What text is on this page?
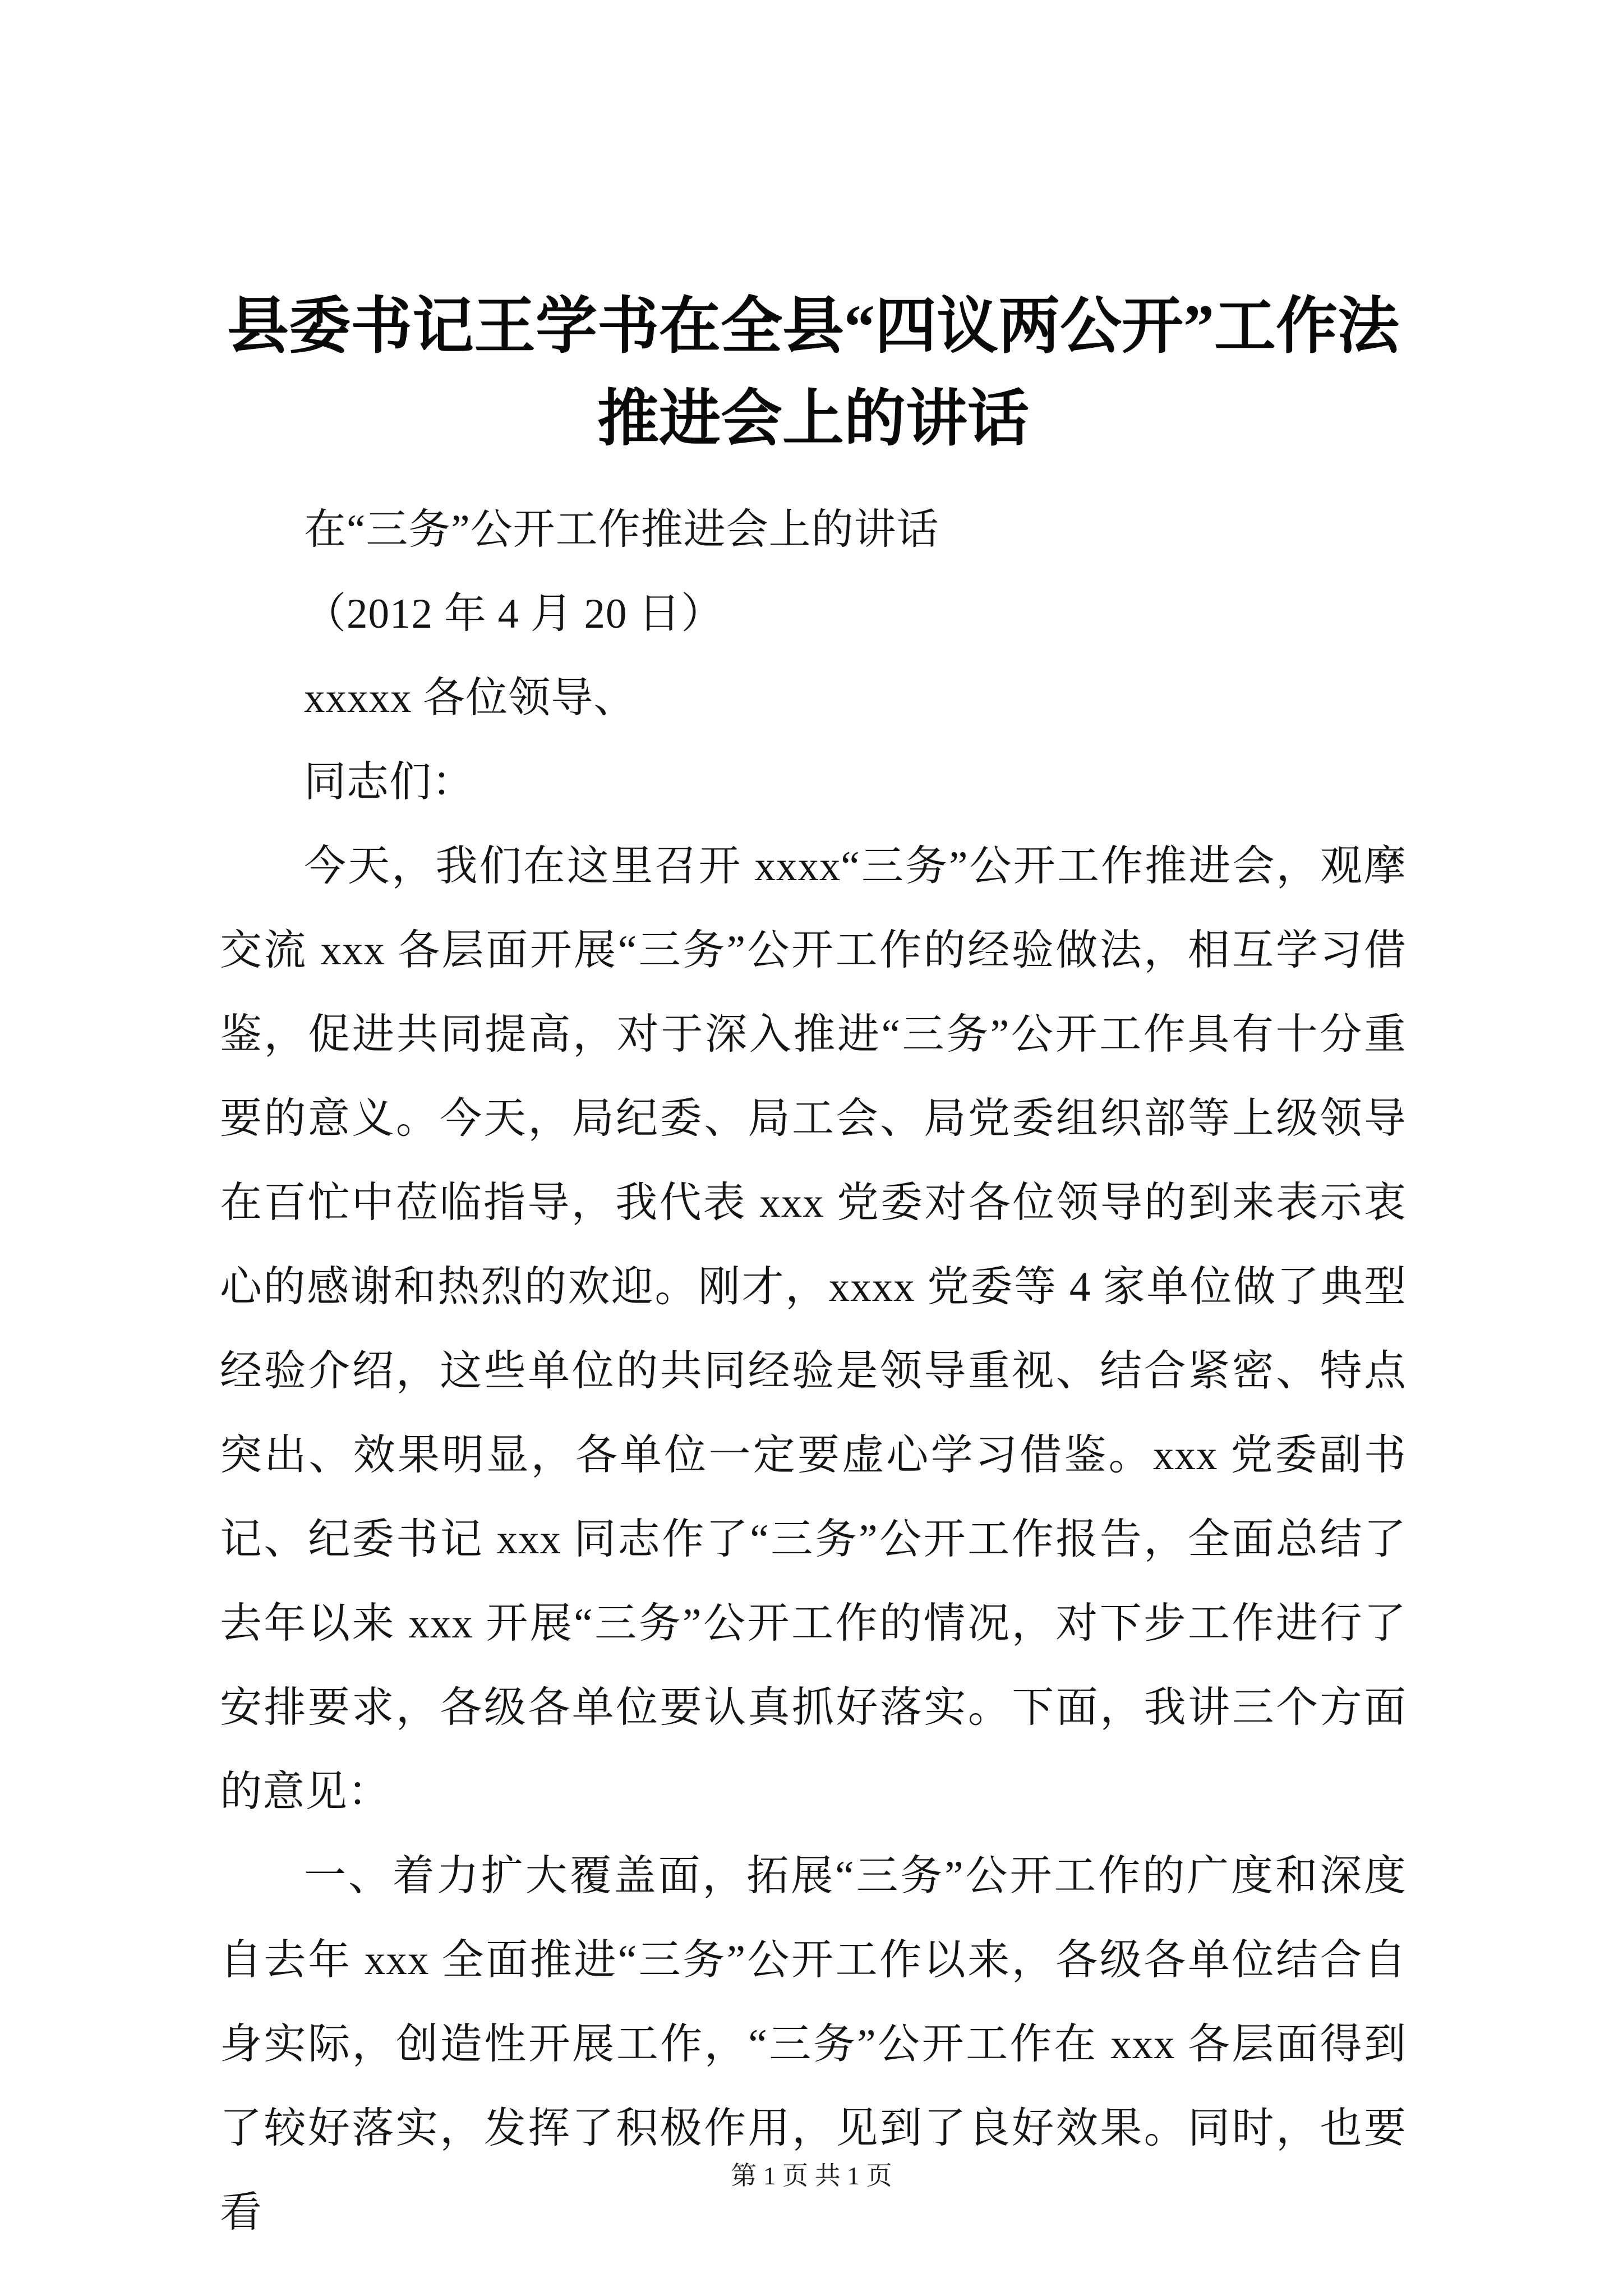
县委书记王学书在全县“四议两公开”工作法推进会上的讲话

在“三务”公开工作推进会上的讲话

（2012 年 4 月 20 日）

xxxxx 各位领导、

同志们：

今天，我们在这里召开 xxxx“三务”公开工作推进会，观摩交流 xxx 各层面开展“三务”公开工作的经验做法，相互学习借鉴，促进共同提高，对于深入推进“三务”公开工作具有十分重要的意义。今天，局纪委、局工会、局党委组织部等上级领导在百忙中莅临指导，我代表 xxx 党委对各位领导的到来表示衷心的感谢和热烈的欢迎。刚才，xxxx 党委等 4 家单位做了典型经验介绍，这些单位的共同经验是领导重视、结合紧密、特点突出、效果明显，各单位一定要虚心学习借鉴。xxx 党委副书记、纪委书记 xxx 同志作了“三务”公开工作报告，全面总结了去年以来 xxx 开展“三务”公开工作的情况，对下步工作进行了安排要求，各级各单位要认真抓好落实。下面，我讲三个方面的意见：

一、着力扩大覆盖面，拓展“三务”公开工作的广度和深度自去年 xxx 全面推进“三务”公开工作以来，各级各单位结合自身实际，创造性开展工作，“三务”公开工作在 xxx 各层面得到了较好落实，发挥了积极作用，见到了良好效果。同时，也要看

第 1 页 共 1 页
